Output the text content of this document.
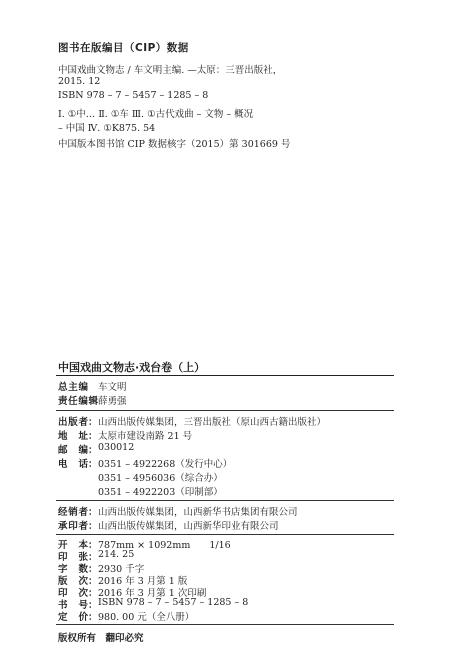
图书在版编目（CIP）数据
中国戏曲文物志 / 车文明主编. —太原：三晋出版社，
2015. 12
ISBN 978 – 7 – 5457 – 1285 – 8
Ⅰ. ①中… Ⅱ. ①车 Ⅲ. ①古代戏曲 – 文物 – 概况
– 中国 Ⅳ. ①K875. 54
中国版本图书馆 CIP 数据核字（2015）第 301669 号
中国戏曲文物志·戏台卷（上）
总 主 编
车文明
责 任 编 辑 薛勇强
出 版 者 ： 山西出版传媒集团，三晋出版社（原山西古籍出版社）
地 址 ： 太原市建设南路 21 号
邮 编 ： 030012
电 话 ： 0351 – 4922268（发行中心）
0351 – 4956036（综合办）
0351 – 4922203（印制部）
经 销 者 ： 山西出版传媒集团，山西新华书店集团有限公司
承 印 者 ： 山西出版传媒集团，山西新华印业有限公司
开 本 ： 787mm × 1092mm　　1/16
印 张 ： 214. 25
字 数 ： 2930 千字
版 次 ： 2016 年 3 月第 1 版
印 次 ： 2016 年 3 月第 1 次印刷
书 号 ： ISBN 978 – 7 – 5457 – 1285 – 8
定 价 ： 980. 00 元（全八册）
版权所有　翻印必究
